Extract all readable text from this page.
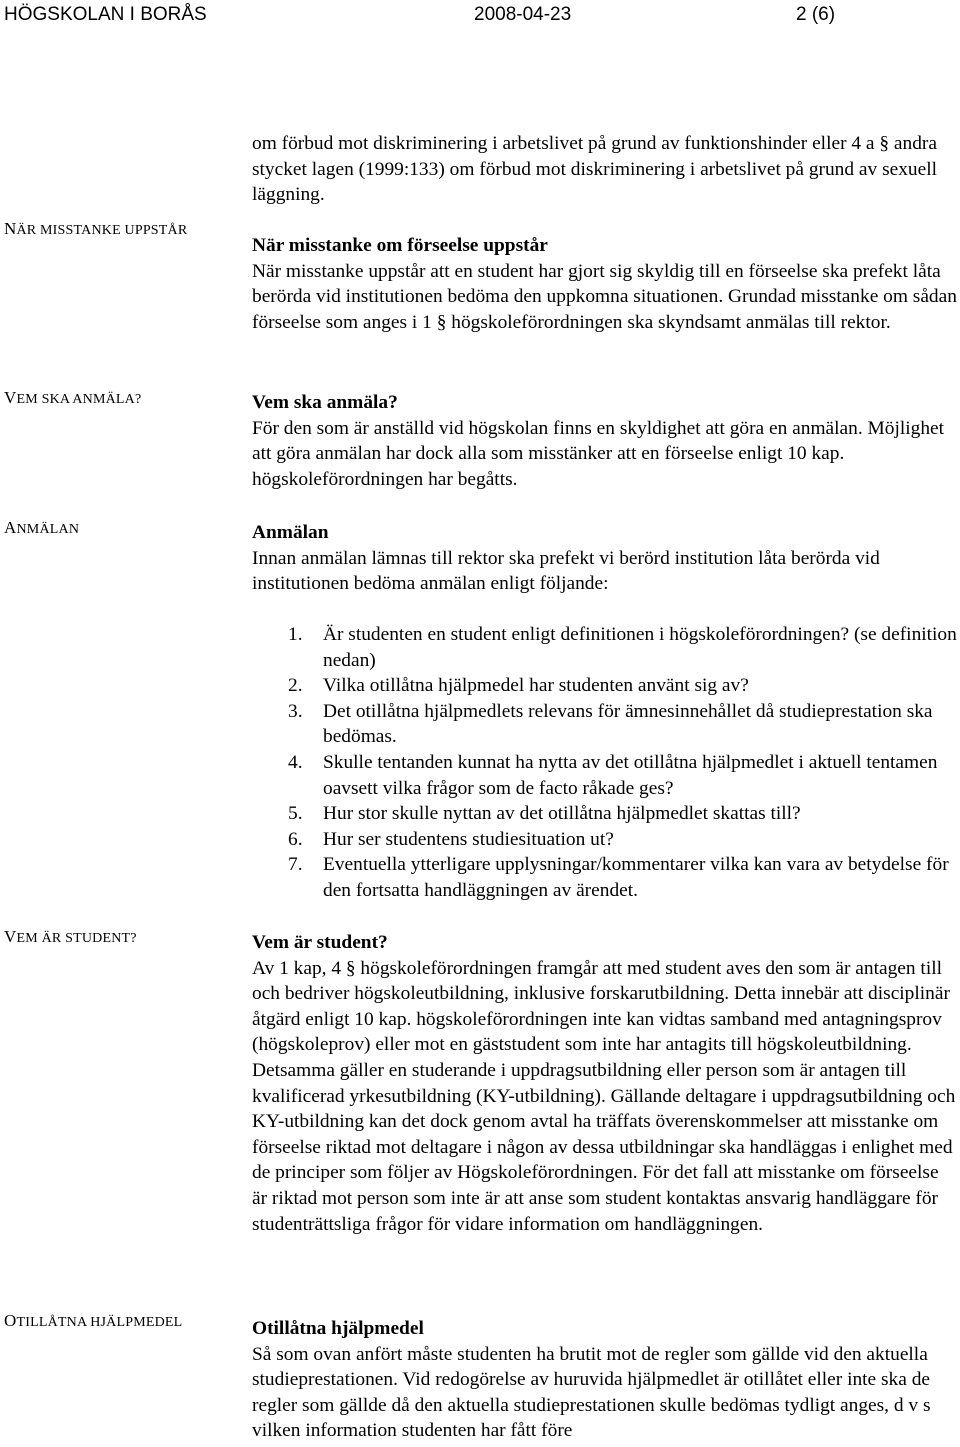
HÖGSKOLAN I BORÅS	2008-04-23	2 (6)
NÄR MISSTANKE UPPSTÅR
VEM SKA ANMÄLA?
ANMÄLAN
VEM ÄR STUDENT?
OTILLÅTNA HJÄLPMEDEL

om förbud mot diskriminering i arbetslivet på grund av funktionshinder eller 4 a § andra stycket lagen (1999:133) om förbud mot diskriminering i arbetslivet på grund av sexuell läggning.

När misstanke om förseelse uppstår

När misstanke uppstår att en student har gjort sig skyldig till en förseelse ska prefekt låta berörda vid institutionen bedöma den uppkomna situationen. Grundad misstanke om sådan förseelse som anges i 1 § högskoleförordningen ska skyndsamt anmälas till rektor.

Vem ska anmäla?

För den som är anställd vid högskolan finns en skyldighet att göra en anmälan. Möjlighet att göra anmälan har dock alla som misstänker att en förseelse enligt 10 kap. högskoleförordningen har begåtts.

Anmälan

Innan anmälan lämnas till rektor ska prefekt vi berörd institution låta berörda vid institutionen bedöma anmälan enligt följande:

1. Är studenten en student enligt definitionen i högskoleförordningen? (se definition nedan)
2. Vilka otillåtna hjälpmedel har studenten använt sig av?
3. Det otillåtna hjälpmedlets relevans för ämnesinnehållet då studieprestation ska bedömas.
4. Skulle tentanden kunnat ha nytta av det otillåtna hjälpmedlet i aktuell tentamen oavsett vilka frågor som de facto råkade ges?
5. Hur stor skulle nyttan av det otillåtna hjälpmedlet skattas till?
6. Hur ser studentens studiesituation ut?
7. Eventuella ytterligare upplysningar/kommentarer vilka kan vara av betydelse för den fortsatta handläggningen av ärendet.
Vem är student?

Av 1 kap, 4 § högskoleförordningen framgår att med student aves den som är antagen till och bedriver högskoleutbildning, inklusive forskarutbildning. Detta innebär att disciplinär åtgärd enligt 10 kap. högskoleförordningen inte kan vidtas samband med antagningsprov (högskoleprov) eller mot en gäststudent som inte har antagits till högskoleutbildning. Detsamma gäller en studerande i uppdragsutbildning eller person som är antagen till kvalificerad yrkesutbildning (KY-utbildning). Gällande deltagare i uppdragsutbildning och KY-utbildning kan det dock genom avtal ha träffats överenskommelser att misstanke om förseelse riktad mot deltagare i någon av dessa utbildningar ska handläggas i enlighet med de principer som följer av Högskoleförordningen. För det fall att misstanke om förseelse är riktad mot person som inte är att anse som student kontaktas ansvarig handläggare för studenträttsliga frågor för vidare information om handläggningen.

Otillåtna hjälpmedel

Så som ovan anfört måste studenten ha brutit mot de regler som gällde vid den aktuella studieprestationen. Vid redogörelse av huruvida hjälpmedlet är otillåtet eller inte ska de regler som gällde då den aktuella studieprestationen skulle bedömas tydligt anges, d v s vilken information studenten har fått före
